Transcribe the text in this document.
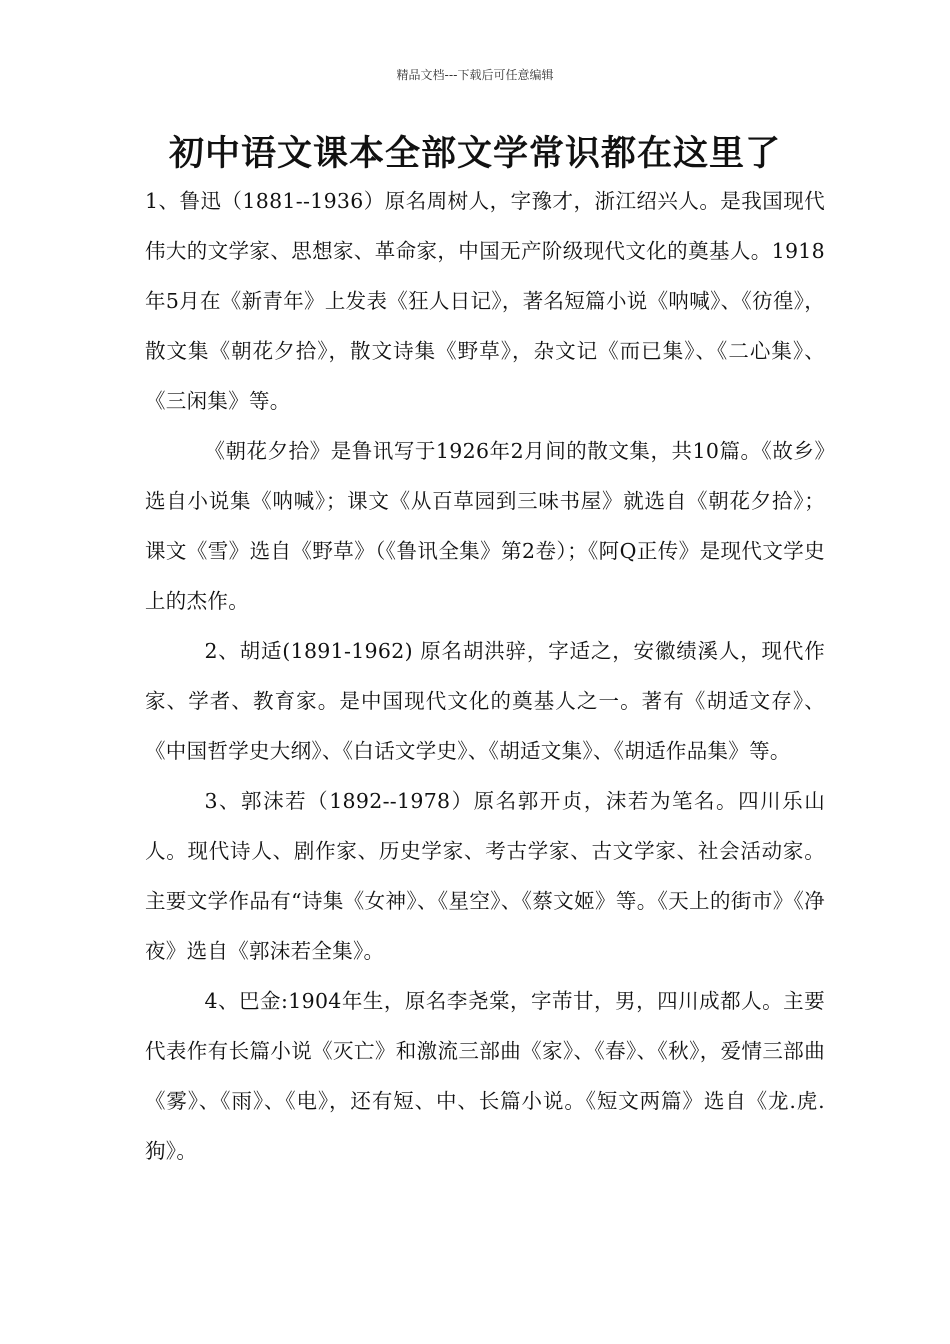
精品文档---下载后可任意编辑
初中语文课本全部文学常识都在这里了

1、鲁迅（1881--1936）原名周树人，字豫才，浙江绍兴人。是我国现代伟大的文学家、思想家、革命家，中国无产阶级现代文化的奠基人。1918年5月在《新青年》上发表《狂人日记》，著名短篇小说《呐喊》、《彷徨》，散文集《朝花夕拾》，散文诗集《野草》，杂文记《而已集》、《二心集》、《三闲集》等。

《朝花夕拾》是鲁讯写于1926年2月间的散文集，共10篇。《故乡》选自小说集《呐喊》；课文《从百草园到三味书屋》就选自《朝花夕拾》；课文《雪》选自《野草》（《鲁讯全集》第2卷）；《阿Q正传》是现代文学史上的杰作。

2、胡适(1891-1962) 原名胡洪骍，字适之，安徽绩溪人，现代作家、学者、教育家。是中国现代文化的奠基人之一。著有《胡适文存》、《中国哲学史大纲》、《白话文学史》、《胡适文集》、《胡适作品集》等。

3、郭沫若（1892--1978）原名郭开贞，沫若为笔名。四川乐山人。现代诗人、剧作家、历史学家、考古学家、古文学家、社会活动家。主要文学作品有“诗集《女神》、《星空》、《蔡文姬》等。《天上的街市》《净夜》选自《郭沫若全集》。

4、巴金:1904年生，原名李尧棠，字芾甘，男，四川成都人。主要代表作有长篇小说《灭亡》和激流三部曲《家》、《春》、《秋》，爱情三部曲《雾》、《雨》、《电》，还有短、中、长篇小说。《短文两篇》选自《龙.虎.狗》。
